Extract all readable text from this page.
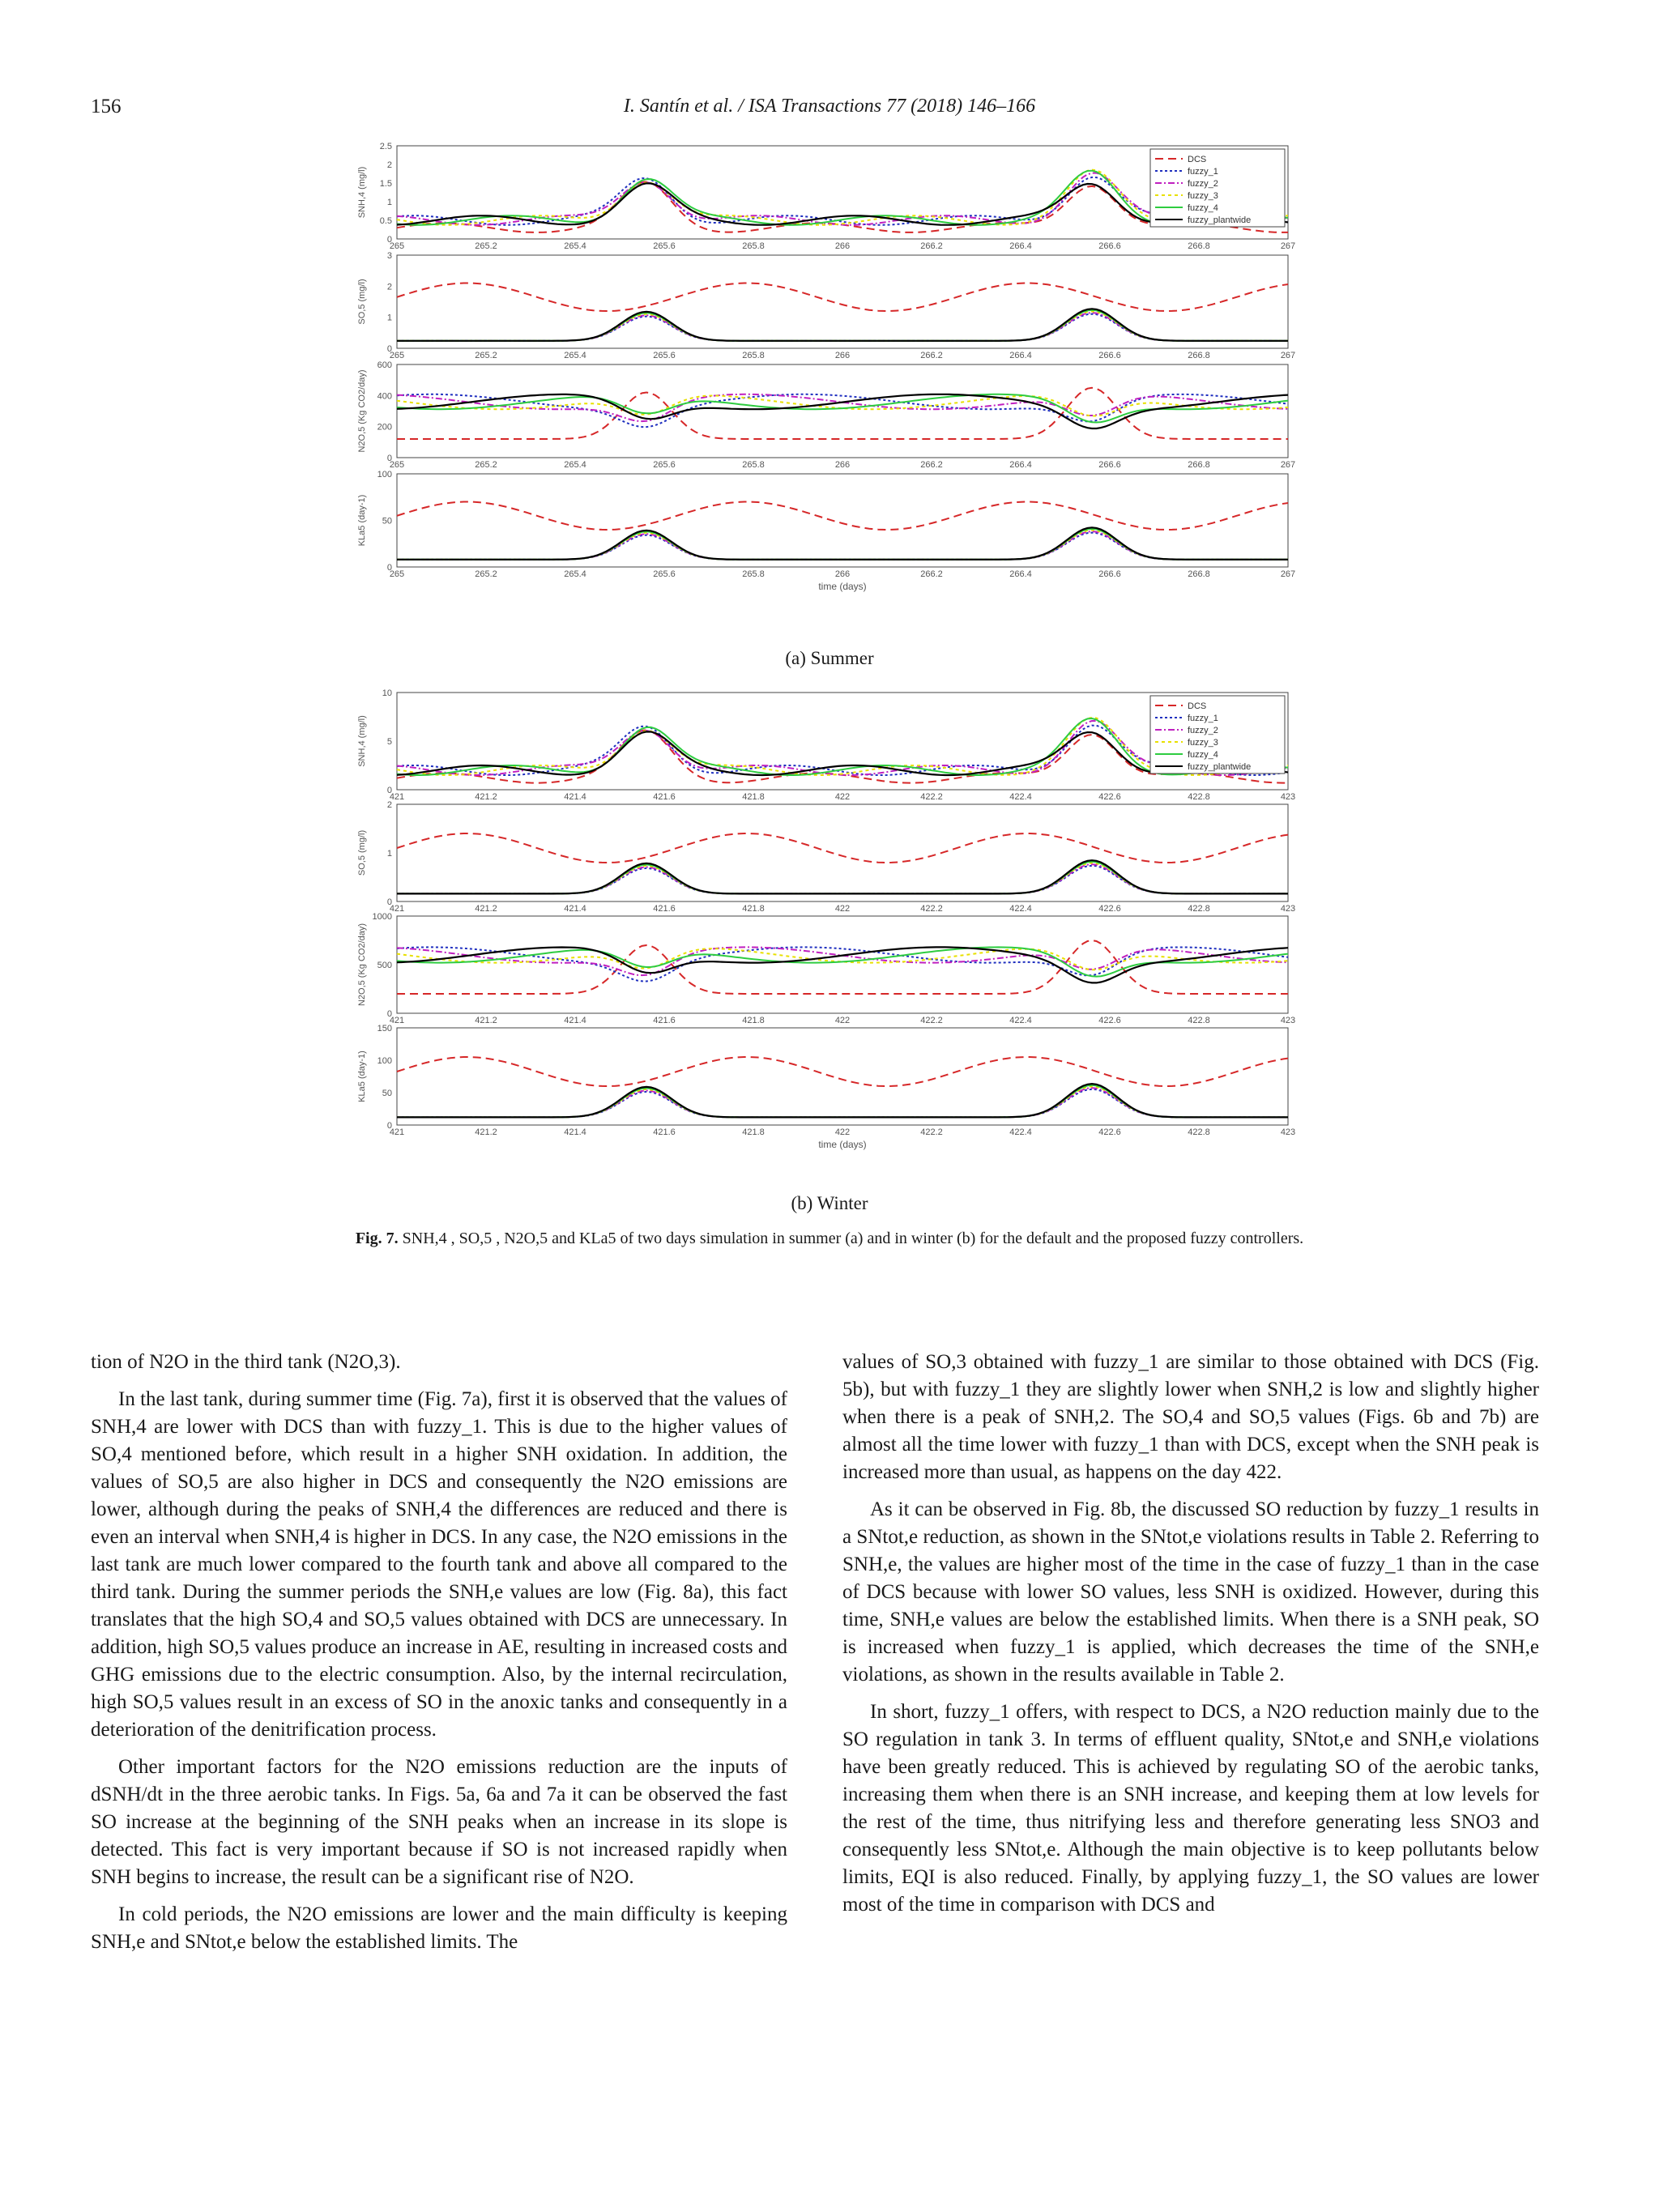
156	I. Santín et al. / ISA Transactions 77 (2018) 146–166
0
0.5
1
1.5
2
2.5
SNH,4 (mg/l)
265	265.2	265.4	265.6	265.8	266	266.2	266.4	266.6	266.8	267
DCS
fuzzy_1
fuzzy_2
fuzzy_3
fuzzy_4
fuzzy_plantwide
0
1
2
3
SO,5 (mg/l)
265	265.2	265.4	265.6	265.8	266	266.2	266.4	266.6	266.8	267
0
200
400
600
N2O,5 (Kg CO2/day)
265	265.2	265.4	265.6	265.8	266	266.2	266.4	266.6	266.8	267
0
50
100
KLa5 (day-1)
265	265.2	265.4	265.6	265.8	266	266.2	266.4	266.6	266.8	267
time (days)
(a) Summer
0
5
10
SNH,4 (mg/l)
421	421.2	421.4	421.6	421.8	422	422.2	422.4	422.6	422.8	423
DCS
fuzzy_1
fuzzy_2
fuzzy_3
fuzzy_4
fuzzy_plantwide
0
1
2
SO,5 (mg/l)
421	421.2	421.4	421.6	421.8	422	422.2	422.4	422.6	422.8	423
0
500
1000
N2O,5 (Kg CO2/day)
421	421.2	421.4	421.6	421.8	422	422.2	422.4	422.6	422.8	423
0
50
100
150
KLa5 (day-1)
421	421.2	421.4	421.6	421.8	422	422.2	422.4	422.6	422.8	423
time (days)
(b) Winter
Fig. 7. SNH,4 , SO,5 , N2O,5 and KLa5 of two days simulation in summer (a) and in winter (b) for the default and the proposed fuzzy controllers.

tion of N2O in the third tank (N2O,3).

In the last tank, during summer time (Fig. 7a), first it is observed that the values of SNH,4 are lower with DCS than with fuzzy_1. This is due to the higher values of SO,4 mentioned before, which result in a higher SNH oxidation. In addition, the values of SO,5 are also higher in DCS and consequently the N2O emissions are lower, although during the peaks of SNH,4 the differences are reduced and there is even an interval when SNH,4 is higher in DCS. In any case, the N2O emissions in the last tank are much lower compared to the fourth tank and above all compared to the third tank. During the summer periods the SNH,e values are low (Fig. 8a), this fact translates that the high SO,4 and SO,5 values obtained with DCS are unnecessary. In addition, high SO,5 values produce an increase in AE, resulting in increased costs and GHG emissions due to the electric consumption. Also, by the internal recirculation, high SO,5 values result in an excess of SO in the anoxic tanks and consequently in a deterioration of the denitrification process.

Other important factors for the N2O emissions reduction are the inputs of dSNH/dt in the three aerobic tanks. In Figs. 5a, 6a and 7a it can be observed the fast SO increase at the beginning of the SNH peaks when an increase in its slope is detected. This fact is very important because if SO is not increased rapidly when SNH begins to increase, the result can be a significant rise of N2O.

In cold periods, the N2O emissions are lower and the main difficulty is keeping SNH,e and SNtot,e below the established limits. The

values of SO,3 obtained with fuzzy_1 are similar to those obtained with DCS (Fig. 5b), but with fuzzy_1 they are slightly lower when SNH,2 is low and slightly higher when there is a peak of SNH,2. The SO,4 and SO,5 values (Figs. 6b and 7b) are almost all the time lower with fuzzy_1 than with DCS, except when the SNH peak is increased more than usual, as happens on the day 422.

As it can be observed in Fig. 8b, the discussed SO reduction by fuzzy_1 results in a SNtot,e reduction, as shown in the SNtot,e violations results in Table 2. Referring to SNH,e, the values are higher most of the time in the case of fuzzy_1 than in the case of DCS because with lower SO values, less SNH is oxidized. However, during this time, SNH,e values are below the established limits. When there is a SNH peak, SO is increased when fuzzy_1 is applied, which decreases the time of the SNH,e violations, as shown in the results available in Table 2.

In short, fuzzy_1 offers, with respect to DCS, a N2O reduction mainly due to the SO regulation in tank 3. In terms of effluent quality, SNtot,e and SNH,e violations have been greatly reduced. This is achieved by regulating SO of the aerobic tanks, increasing them when there is an SNH increase, and keeping them at low levels for the rest of the time, thus nitrifying less and therefore generating less SNO3 and consequently less SNtot,e. Although the main objective is to keep pollutants below limits, EQI is also reduced. Finally, by applying fuzzy_1, the SO values are lower most of the time in comparison with DCS and
